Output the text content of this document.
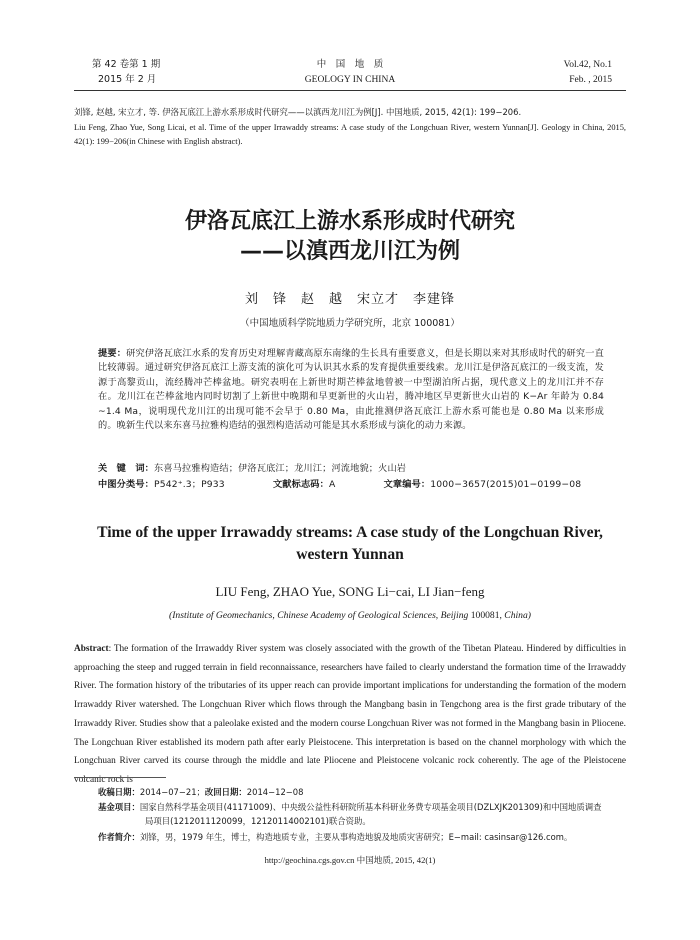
第 42 卷第 1 期
2015 年 2 月
中　国　地　质
GEOLOGY IN CHINA
Vol.42, No.1
Feb. , 2015
刘锋, 赵越, 宋立才, 等. 伊洛瓦底江上游水系形成时代研究——以滇西龙川江为例[J]. 中国地质, 2015, 42(1): 199−206.
Liu Feng, Zhao Yue, Song Licai, et al. Time of the upper Irrawaddy streams: A case study of the Longchuan River, western Yunnan[J]. Geology in China, 2015, 42(1): 199−206(in Chinese with English abstract).
伊洛瓦底江上游水系形成时代研究
——以滇西龙川江为例
刘　锋　赵　越　宋立才　李建锋
（中国地质科学院地质力学研究所，北京 100081）
提要：研究伊洛瓦底江水系的发育历史对理解青藏高原东南缘的生长具有重要意义，但是长期以来对其形成时代的研究一直比较薄弱。通过研究伊洛瓦底江上游支流的演化可为认识其水系的发育提供重要线索。龙川江是伊洛瓦底江的一级支流，发源于高黎贡山，流经腾冲芒棒盆地。研究表明在上新世时期芒棒盆地曾被一中型湖泊所占据，现代意义上的龙川江并不存在。龙川江在芒棒盆地内同时切割了上新世中晚期和早更新世的火山岩，腾冲地区早更新世火山岩的 K−Ar 年龄为 0.84 ~1.4 Ma，说明现代龙川江的出现可能不会早于 0.80 Ma，由此推测伊洛瓦底江上游水系可能也是 0.80 Ma 以来形成的。晚新生代以来东喜马拉雅构造结的强烈构造活动可能是其水系形成与演化的动力来源。
关　键　词：东喜马拉雅构造结；伊洛瓦底江；龙川江；河流地貌；火山岩
中图分类号：P542⁺.3；P933	文献标志码：A	文章编号：1000−3657(2015)01−0199−08
Time of the upper Irrawaddy streams: A case study of the Longchuan River,
western Yunnan
LIU Feng, ZHAO Yue, SONG Li−cai, LI Jian−feng
(Institute of Geomechanics, Chinese Academy of Geological Sciences, Beijing 100081, China)
Abstract: The formation of the Irrawaddy River system was closely associated with the growth of the Tibetan Plateau. Hindered by difficulties in approaching the steep and rugged terrain in field reconnaissance, researchers have failed to clearly understand the formation time of the Irrawaddy River. The formation history of the tributaries of its upper reach can provide important implications for understanding the formation of the modern Irrawaddy River watershed. The Longchuan River which flows through the Mangbang basin in Tengchong area is the first grade tributary of the Irrawaddy River. Studies show that a paleolake existed and the modern course Longchuan River was not formed in the Mangbang basin in Pliocene. The Longchuan River established its modern path after early Pleistocene. This interpretation is based on the channel morphology with which the Longchuan River carved its course through the middle and late Pliocene and Pleistocene volcanic rock coherently. The age of the Pleistocene volcanic rock is
收稿日期：2014−07−21；改回日期：2014−12−08
基金项目：国家自然科学基金项目(41171009)、中央级公益性科研院所基本科研业务费专项基金项目(DZLXJK201309)和中国地质调查
局项目(1212011120099，12120114002101)联合资助。
作者简介：刘锋，男，1979 年生，博士，构造地质专业，主要从事构造地貌及地质灾害研究；E−mail: casinsar@126.com。
http://geochina.cgs.gov.cn 中国地质, 2015, 42(1)
